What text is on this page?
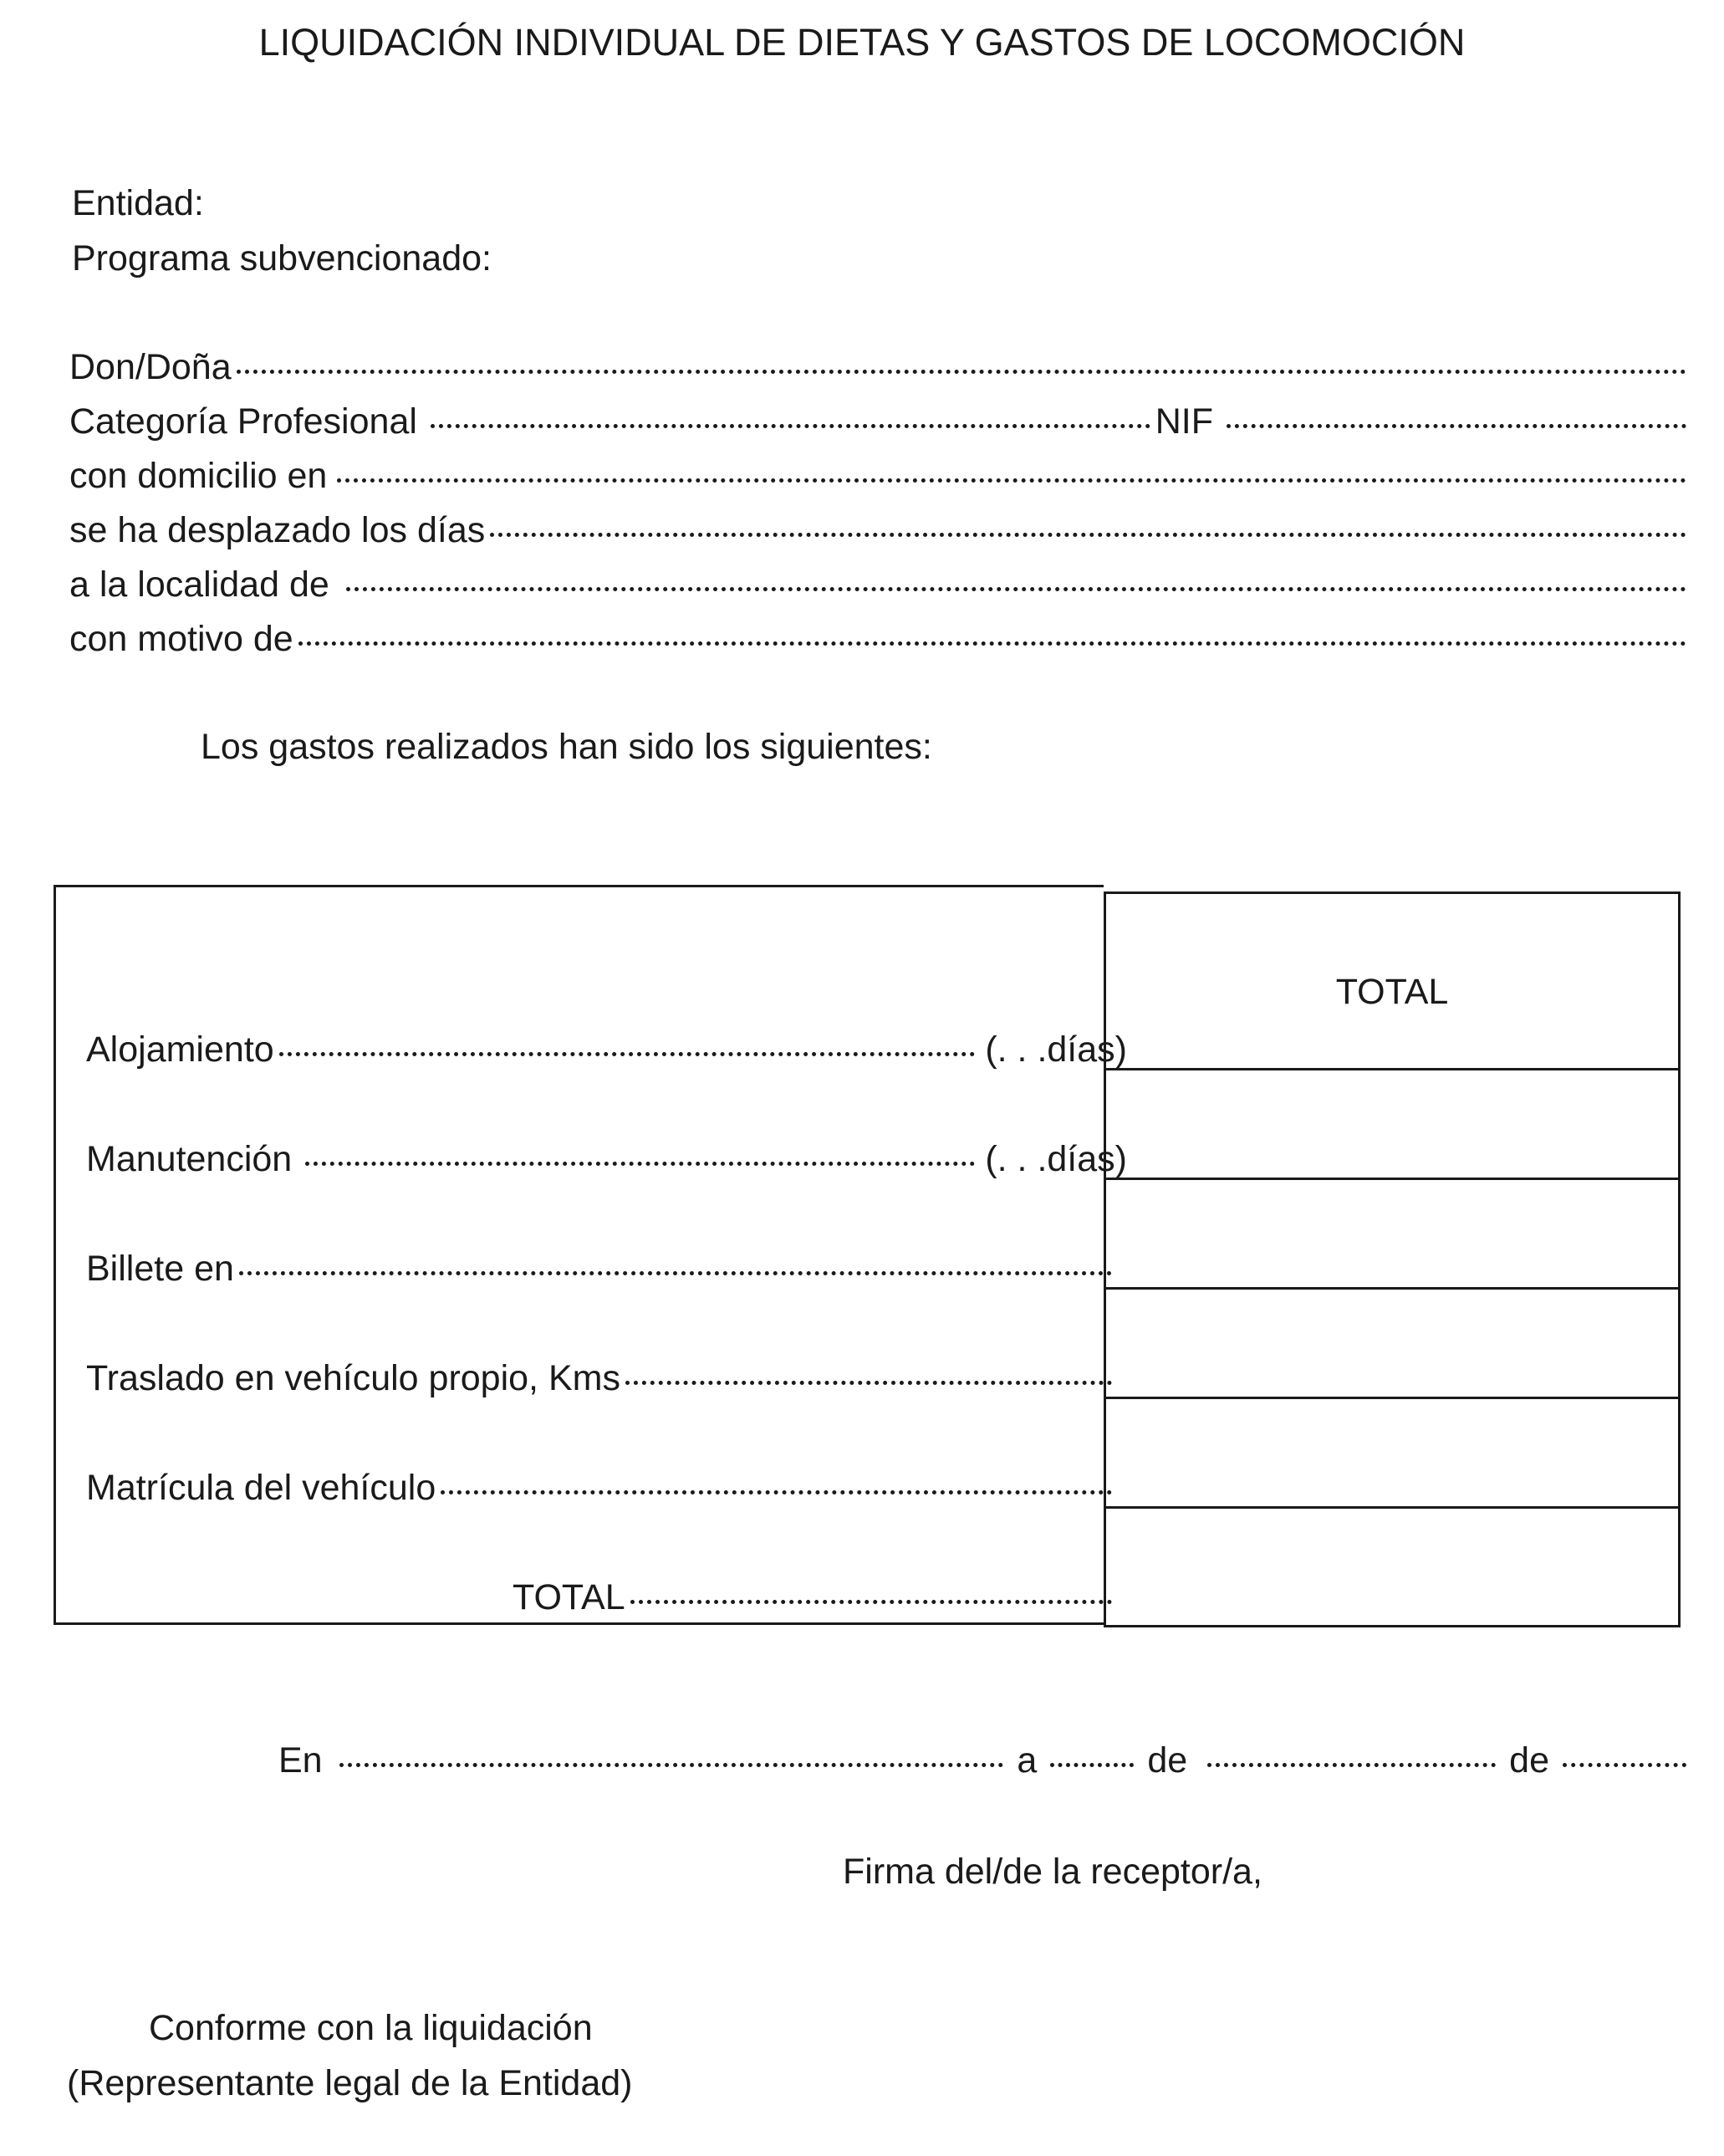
LIQUIDACIÓN INDIVIDUAL DE DIETAS Y GASTOS DE LOCOMOCIÓN
Entidad:
Programa subvencionado:
Don/Doña
Categoría Profesional	NIF
con domicilio en
se ha desplazado los días
a la localidad de
con motivo de
Los gastos realizados han sido los siguientes:
Alojamiento	(. . .días)
Manutención	(. . .días)
Billete en
Traslado en vehículo propio, Kms
Matrícula del vehículo
TOTAL
TOTAL
En	a	de	de
Firma del/de la receptor/a,
Conforme con la liquidación
(Representante legal de la Entidad)
